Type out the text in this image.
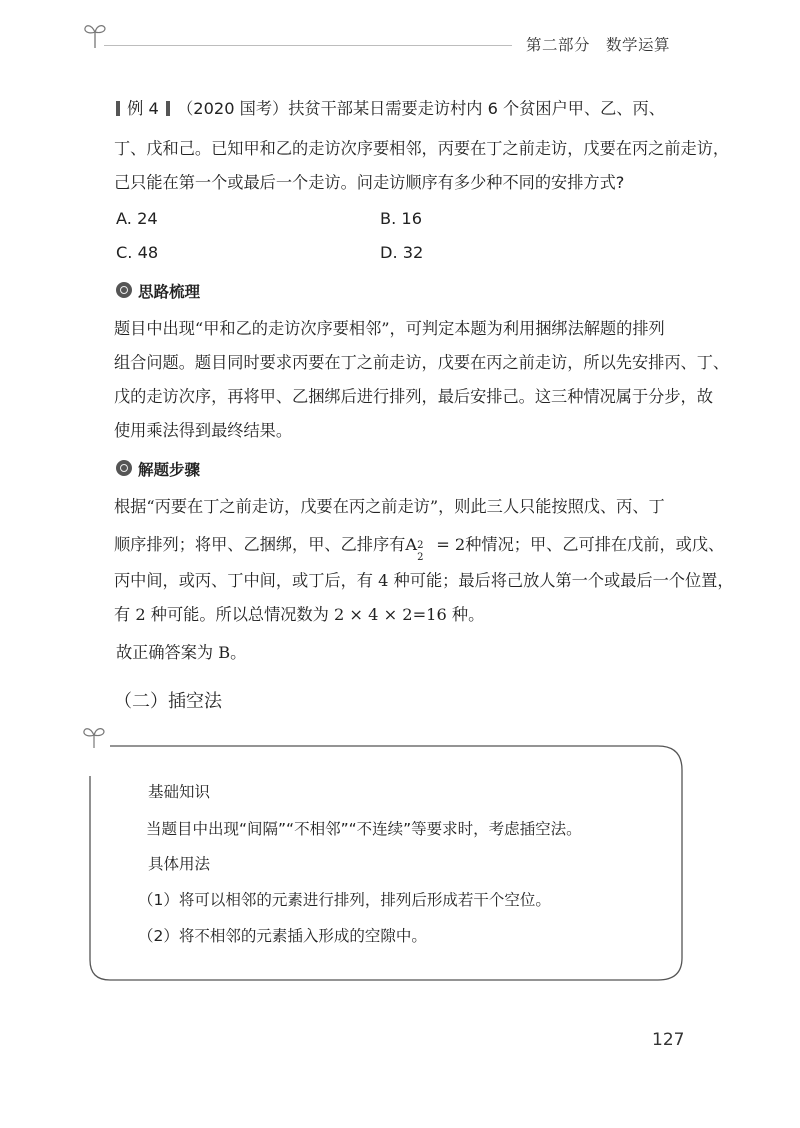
第二部分　数学运算
例 4 （2020 国考）扶贫干部某日需要走访村内 6 个贫困户甲、乙、丙、
丁、戊和己。已知甲和乙的走访次序要相邻，丙要在丁之前走访，戊要在丙之前走访，
己只能在第一个或最后一个走访。问走访顺序有多少种不同的安排方式?
A. 24	B. 16
C. 48	D. 32
思路梳理
题目中出现“甲和乙的走访次序要相邻”，可判定本题为利用捆绑法解题的排列
组合问题。题目同时要求丙要在丁之前走访，戊要在丙之前走访，所以先安排丙、丁、
戊的走访次序，再将甲、乙捆绑后进行排列，最后安排己。这三种情况属于分步，故
使用乘法得到最终结果。
解题步骤
根据“丙要在丁之前走访，戊要在丙之前走访”，则此三人只能按照戊、丙、丁
顺序排列；将甲、乙捆绑，甲、乙排序有A 2
2
= 2种情况；甲、乙可排在戊前，或戊、
丙中间，或丙、丁中间，或丁后，有 4 种可能；最后将己放人第一个或最后一个位置，
有 2 种可能。所以总情况数为 2 × 4 × 2=16 种。
故正确答案为 B。
（二）插空法
基础知识
当题目中出现“间隔”“不相邻”“不连续”等要求时，考虑插空法。
具体用法
（1）将可以相邻的元素进行排列，排列后形成若干个空位。
（2）将不相邻的元素插入形成的空隙中。
127
